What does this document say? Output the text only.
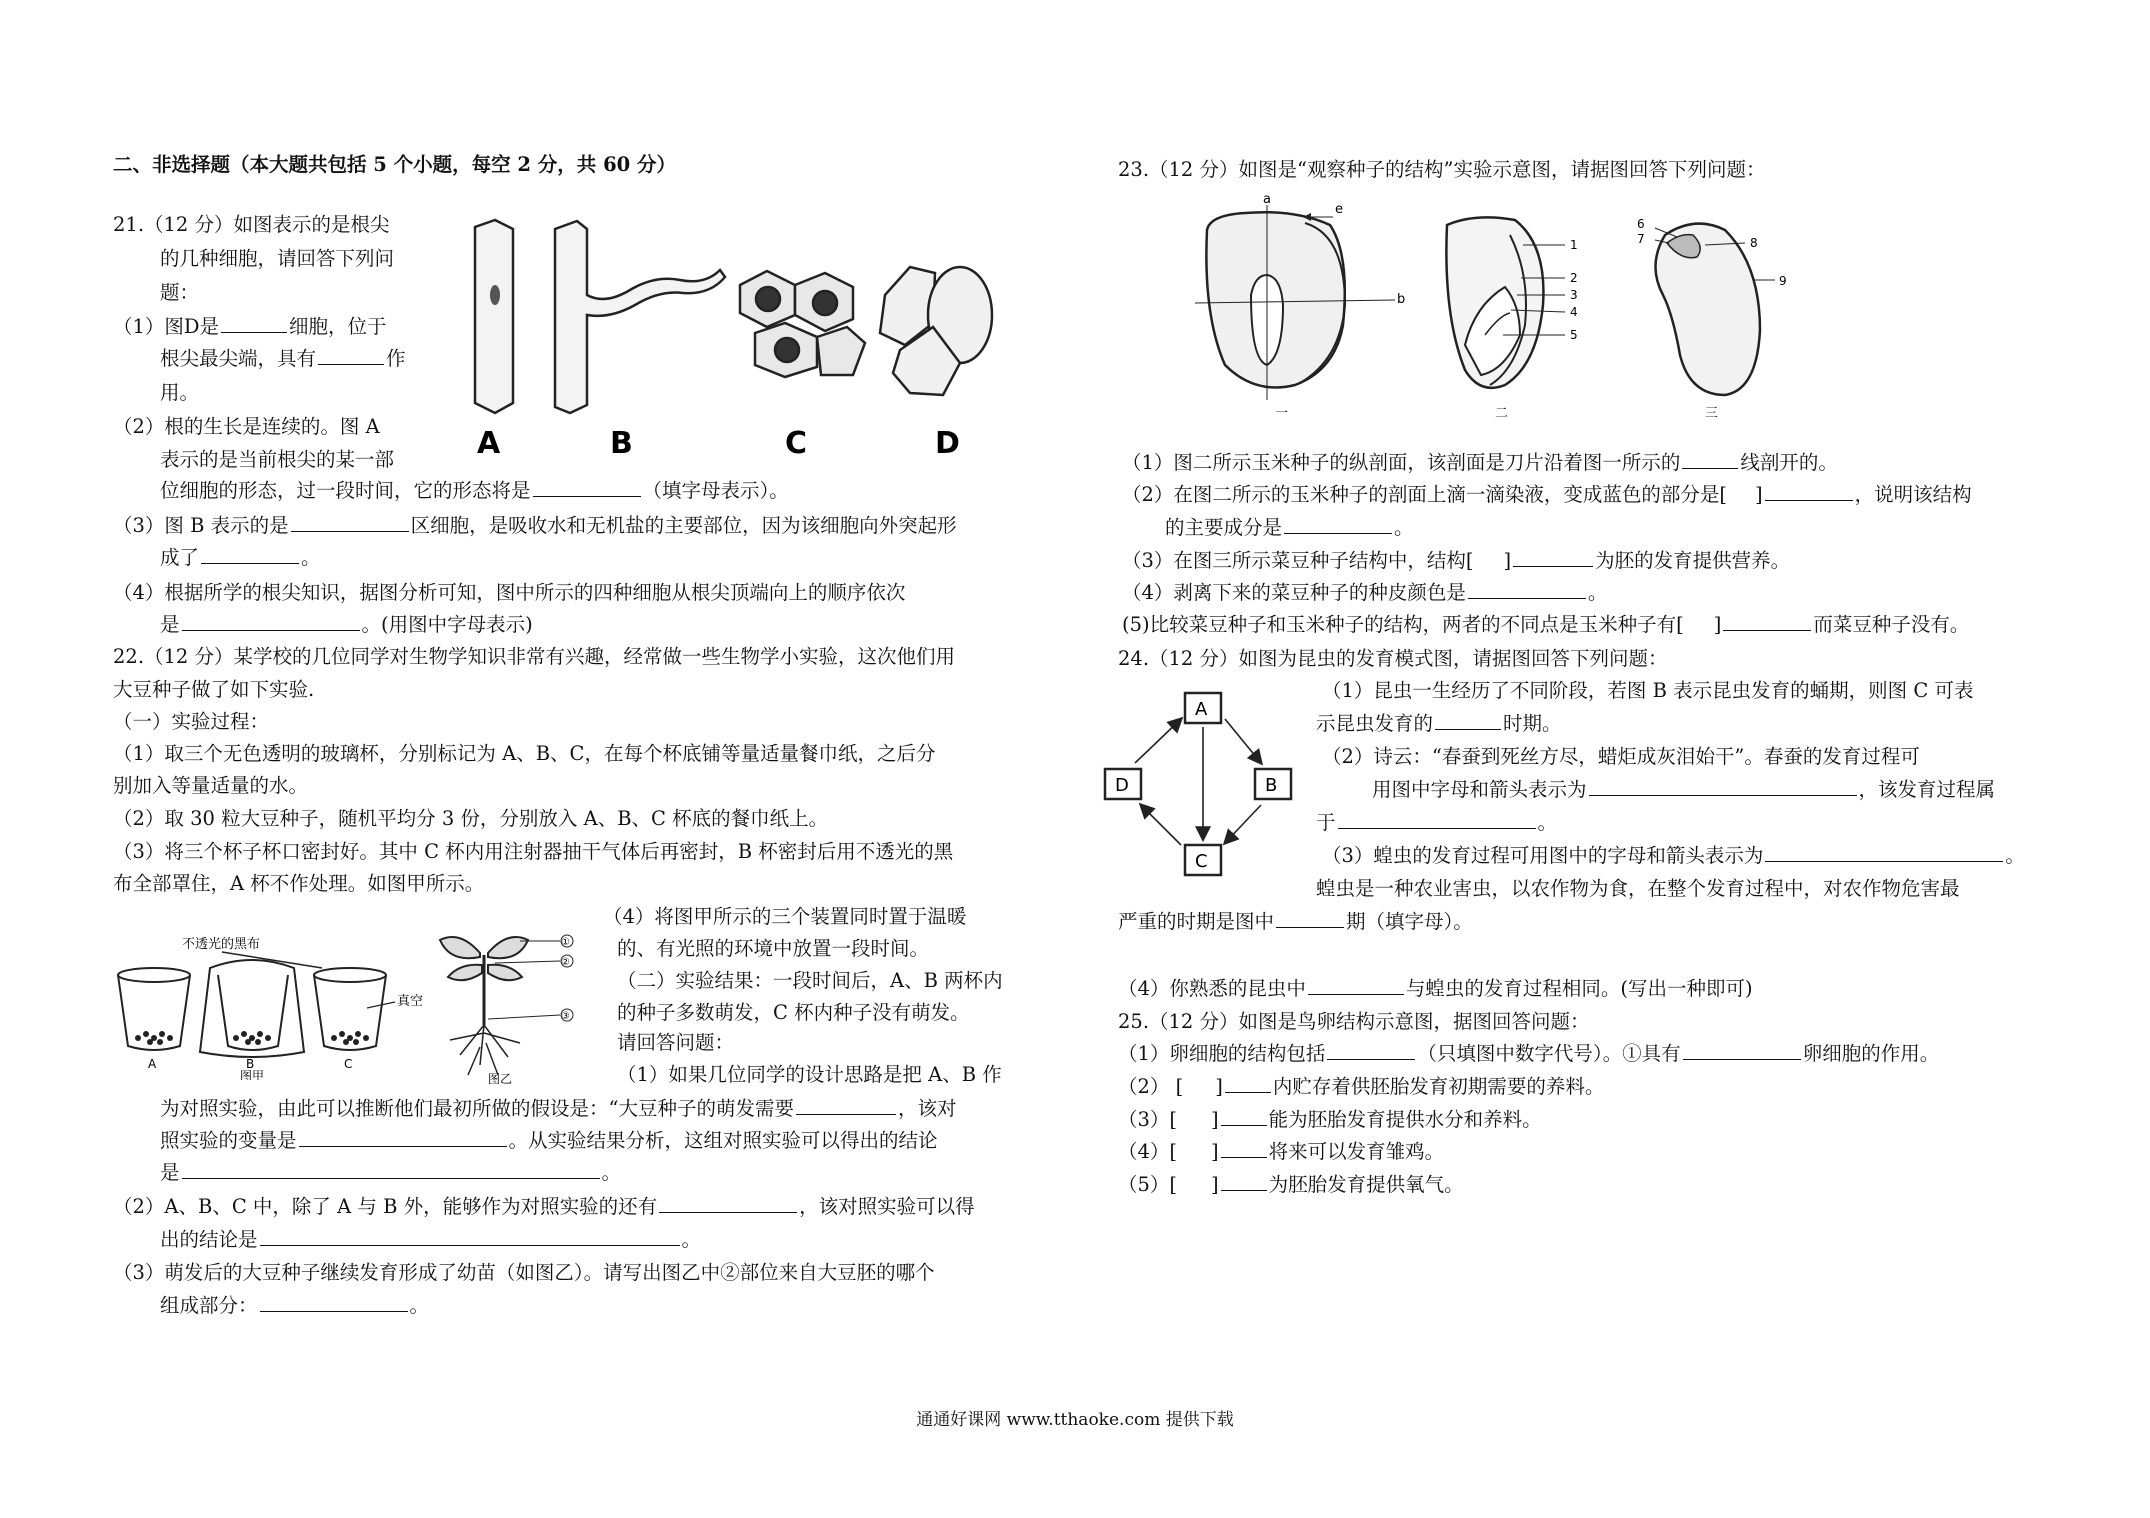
二、非选择题（本大题共包括 5 个小题，每空 2 分，共 60 分）
21.（12 分）如图表示的是根尖
的几种细胞，请回答下列问
题：
（1）图D是	细胞，位于
根尖最尖端，具有	作
用。
（2）根的生长是连续的。图 A
表示的是当前根尖的某一部
位细胞的形态，过一段时间，它的形态将是	（填字母表示）。
（3）图 B 表示的是	区细胞，是吸收水和无机盐的主要部位，因为该细胞向外突起形
成了	。
（4）根据所学的根尖知识，据图分析可知，图中所示的四种细胞从根尖顶端向上的顺序依次
是	。(用图中字母表示)
A	B	C	D
22.（12 分）某学校的几位同学对生物学知识非常有兴趣，经常做一些生物学小实验，这次他们用
大豆种子做了如下实验.
（一）实验过程：
（1）取三个无色透明的玻璃杯，分别标记为 A、B、C，在每个杯底铺等量适量餐巾纸，之后分
别加入等量适量的水。
（2）取 30 粒大豆种子，随机平均分 3 份，分别放入 A、B、C 杯底的餐巾纸上。
（3）将三个杯子杯口密封好。其中 C 杯内用注射器抽干气体后再密封，B 杯密封后用不透光的黑
布全部罩住，A 杯不作处理。如图甲所示。
（4）将图甲所示的三个装置同时置于温暖
的、有光照的环境中放置一段时间。
（二）实验结果：一段时间后，A、B 两杯内
的种子多数萌发，C 杯内种子没有萌发。
请回答问题：
（1）如果几位同学的设计思路是把 A、B 作
为对照实验，由此可以推断他们最初所做的假设是：“大豆种子的萌发需要	，该对
照实验的变量是	。从实验结果分析，这组对照实验可以得出的结论
是	。
（2）A、B、C 中，除了 A 与 B 外，能够作为对照实验的还有	，该对照实验可以得
出的结论是	。
（3）萌发后的大豆种子继续发育形成了幼苗（如图乙）。请写出图乙中②部位来自大豆胚的哪个
组成部分：	。
不透光的黑布
真空
A	B	C
图甲
①
②
③
图乙
23.（12 分）如图是“观察种子的结构”实验示意图，请据图回答下列问题：
a
e
b
一
1
2
3
4
5
二
6
7	8
9
三
（1）图二所示玉米种子的纵剖面，该剖面是刀片沿着图一所示的	线剖开的。
（2）在图二所示的玉米种子的剖面上滴一滴染液，变成蓝色的部分是[ ]	，说明该结构
的主要成分是	。
（3）在图三所示菜豆种子结构中，结构[ ]	为胚的发育提供营养。
（4）剥离下来的菜豆种子的种皮颜色是	。
(5)比较菜豆种子和玉米种子的结构，两者的不同点是玉米种子有[ ]	而菜豆种子没有。
24.（12 分）如图为昆虫的发育模式图，请据图回答下列问题：
A
B
C
D
（1）昆虫一生经历了不同阶段，若图 B 表示昆虫发育的蛹期，则图 C 可表
示昆虫发育的	时期。
（2）诗云：“春蚕到死丝方尽，蜡炬成灰泪始干”。春蚕的发育过程可
用图中字母和箭头表示为	，该发育过程属
于	。
（3）蝗虫的发育过程可用图中的字母和箭头表示为	。
蝗虫是一种农业害虫，以农作物为食，在整个发育过程中，对农作物危害最
严重的时期是图中	期（填字母）。
（4）你熟悉的昆虫中	与蝗虫的发育过程相同。(写出一种即可)
25.（12 分）如图是鸟卵结构示意图，据图回答问题：
（1）卵细胞的结构包括	（只填图中数字代号）。①具有	卵细胞的作用。
（2） [ ]	内贮存着供胚胎发育初期需要的养料。
（3）[ ]	能为胚胎发育提供水分和养料。
（4）[ ]	将来可以发育雏鸡。
（5）[ ]	为胚胎发育提供氧气。
通通好课网 www.tthaoke.com 提供下载
